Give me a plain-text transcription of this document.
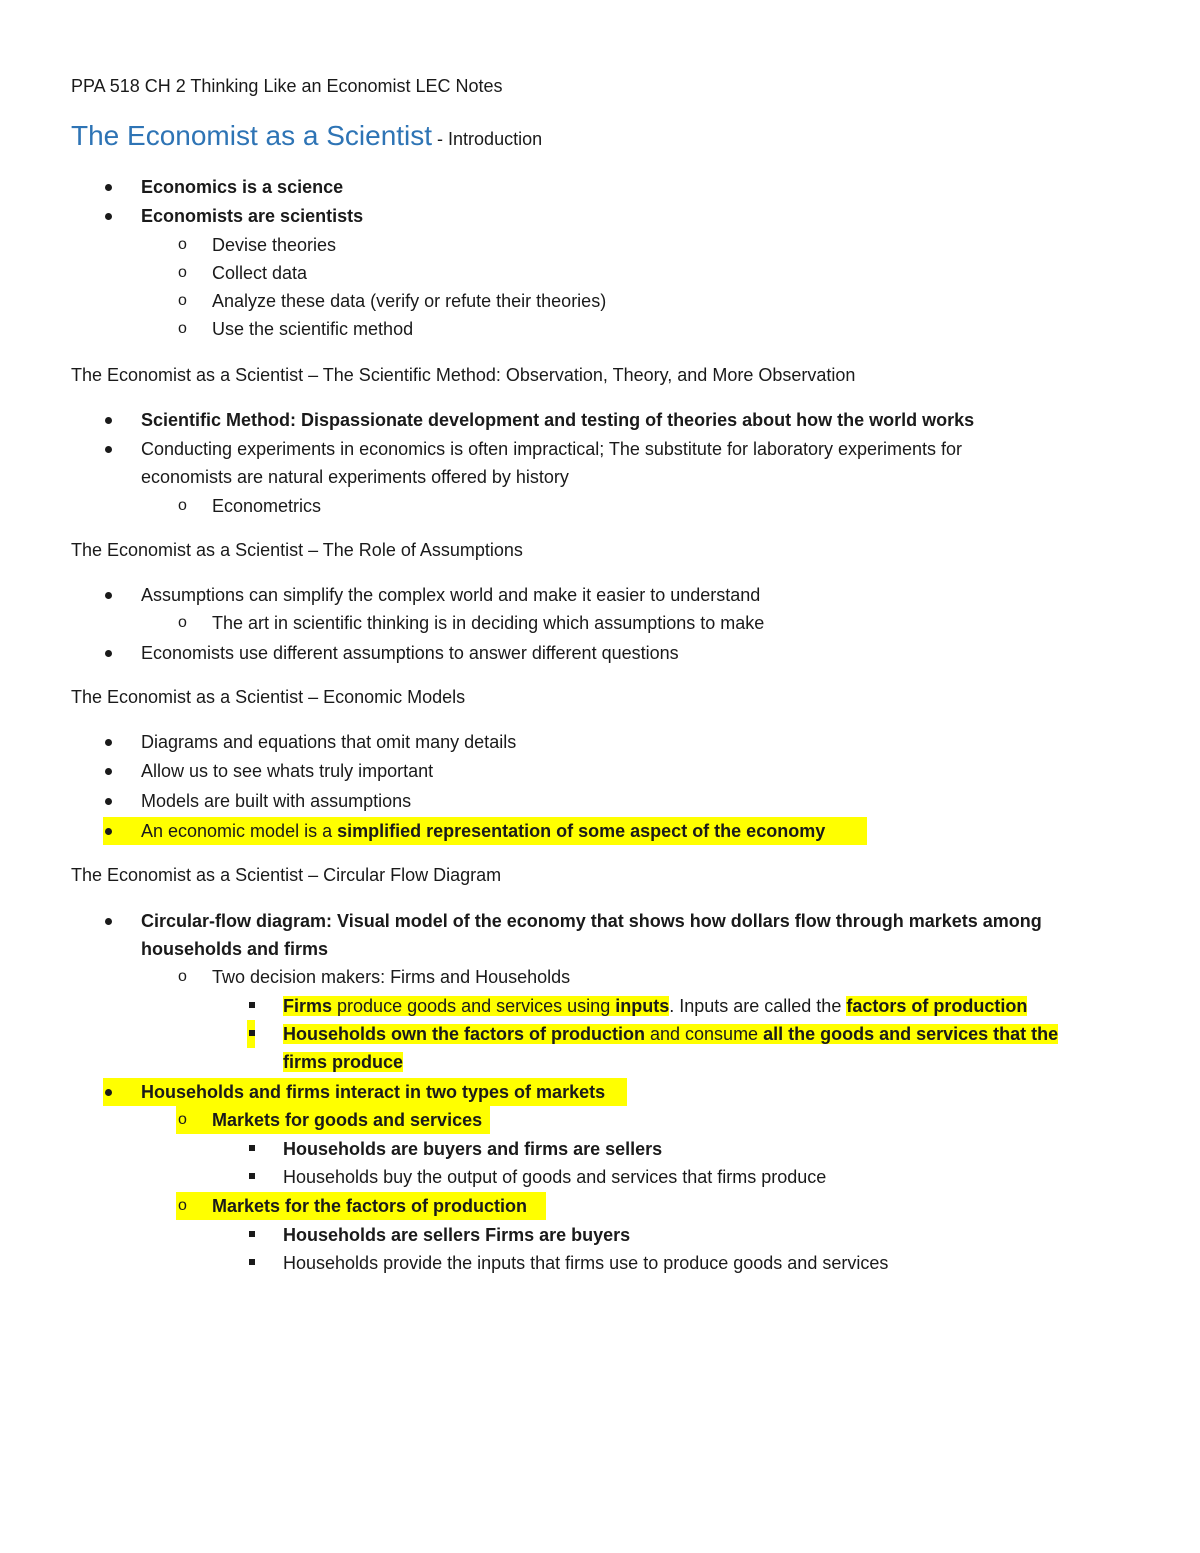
PPA 518 CH 2 Thinking Like an Economist LEC Notes
The Economist as a Scientist - Introduction
Economics is a science
Economists are scientists
o Devise theories
o Collect data
o Analyze these data (verify or refute their theories)
o Use the scientific method
The Economist as a Scientist – The Scientific Method: Observation, Theory, and More Observation
Scientific Method: Dispassionate development and testing of theories about how the world works
Conducting experiments in economics is often impractical; The substitute for laboratory experiments for
economists are natural experiments offered by history
o Econometrics
The Economist as a Scientist – The Role of Assumptions
Assumptions can simplify the complex world and make it easier to understand
o The art in scientific thinking is in deciding which assumptions to make
Economists use different assumptions to answer different questions
The Economist as a Scientist – Economic Models
Diagrams and equations that omit many details
Allow us to see whats truly important
Models are built with assumptions
An economic model is a simplified representation of some aspect of the economy
The Economist as a Scientist – Circular Flow Diagram
Circular-flow diagram: Visual model of the economy that shows how dollars flow through markets among
households and firms
o Two decision makers: Firms and Households
Firms produce goods and services using inputs. Inputs are called the factors of production
Households own the factors of production and consume all the goods and services that the
firms produce
Households and firms interact in two types of markets
o Markets for goods and services
Households are buyers and firms are sellers
Households buy the output of goods and services that firms produce
o Markets for the factors of production
Households are sellers Firms are buyers
Households provide the inputs that firms use to produce goods and services
